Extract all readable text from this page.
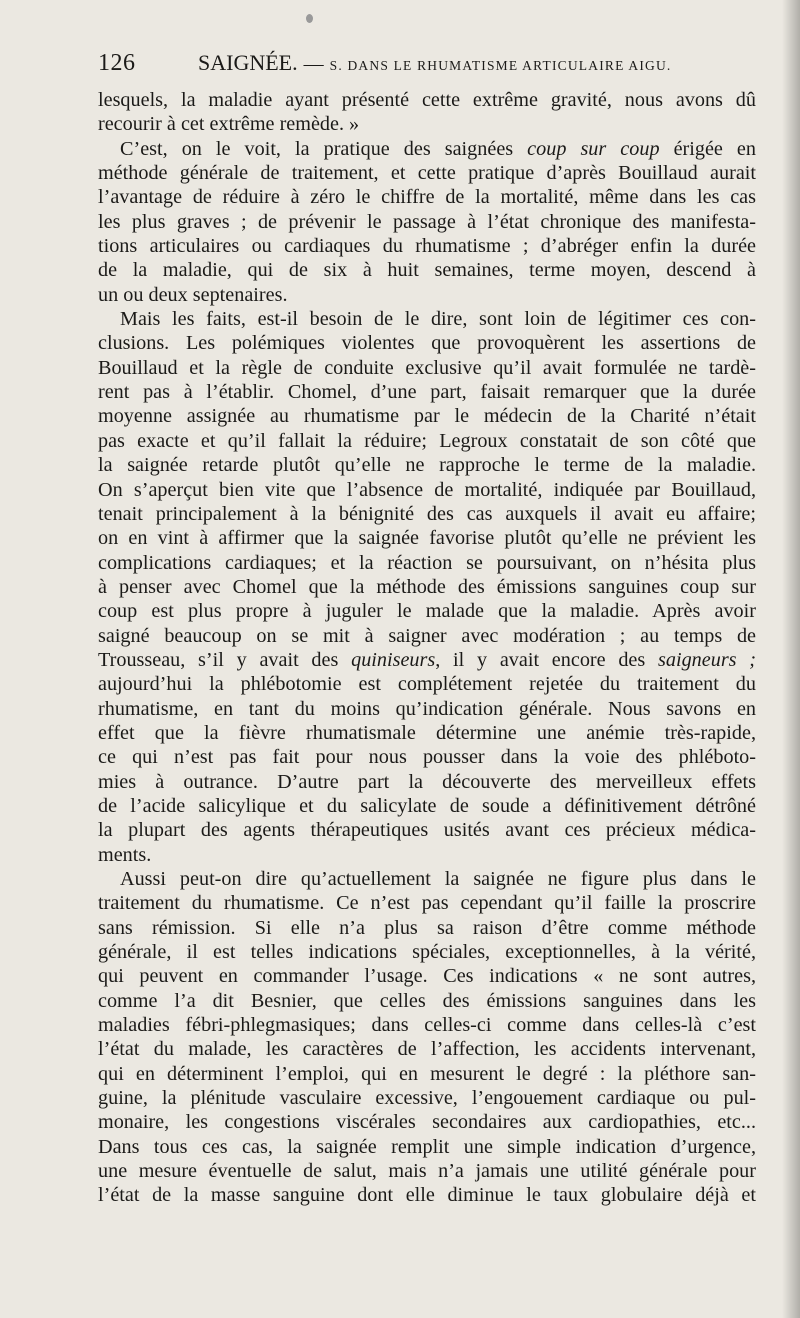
126	SAIGNÉE. — S. DANS LE RHUMATISME ARTICULAIRE AIGU.
lesquels, la maladie ayant présenté cette extrême gravité, nous avons dû
recourir à cet extrême remède. »
C’est, on le voit, la pratique des saignées coup sur coup érigée en
méthode générale de traitement, et cette pratique d’après Bouillaud aurait
l’avantage de réduire à zéro le chiffre de la mortalité, même dans les cas
les plus graves ; de prévenir le passage à l’état chronique des manifesta-
tions articulaires ou cardiaques du rhumatisme ; d’abréger enfin la durée
de la maladie, qui de six à huit semaines, terme moyen, descend à
un ou deux septenaires.
Mais les faits, est-il besoin de le dire, sont loin de légitimer ces con-
clusions. Les polémiques violentes que provoquèrent les assertions de
Bouillaud et la règle de conduite exclusive qu’il avait formulée ne tardè-
rent pas à l’établir. Chomel, d’une part, faisait remarquer que la durée
moyenne assignée au rhumatisme par le médecin de la Charité n’était
pas exacte et qu’il fallait la réduire; Legroux constatait de son côté que
la saignée retarde plutôt qu’elle ne rapproche le terme de la maladie.
On s’aperçut bien vite que l’absence de mortalité, indiquée par Bouillaud,
tenait principalement à la bénignité des cas auxquels il avait eu affaire;
on en vint à affirmer que la saignée favorise plutôt qu’elle ne prévient les
complications cardiaques; et la réaction se poursuivant, on n’hésita plus
à penser avec Chomel que la méthode des émissions sanguines coup sur
coup est plus propre à juguler le malade que la maladie. Après avoir
saigné beaucoup on se mit à saigner avec modération ; au temps de
Trousseau, s’il y avait des quiniseurs, il y avait encore des saigneurs ;
aujourd’hui la phlébotomie est complétement rejetée du traitement du
rhumatisme, en tant du moins qu’indication générale. Nous savons en
effet que la fièvre rhumatismale détermine une anémie très-rapide,
ce qui n’est pas fait pour nous pousser dans la voie des phlébotо-
mies à outrance. D’autre part la découverte des merveilleux effets
de l’acide salicylique et du salicylate de soude a définitivement détrôné
la plupart des agents thérapeutiques usités avant ces précieux médica-
ments.
Aussi peut-on dire qu’actuellement la saignée ne figure plus dans le
traitement du rhumatisme. Ce n’est pas cependant qu’il faille la proscrire
sans rémission. Si elle n’a plus sa raison d’être comme méthode
générale, il est telles indications spéciales, exceptionnelles, à la vérité,
qui peuvent en commander l’usage. Ces indications « ne sont autres,
comme l’a dit Besnier, que celles des émissions sanguines dans les
maladies fébri-phlegmasiques; dans celles-ci comme dans celles-là c’est
l’état du malade, les caractères de l’affection, les accidents intervenant,
qui en déterminent l’emploi, qui en mesurent le degré : la pléthore san-
guine, la plénitude vasculaire excessive, l’engouement cardiaque ou pul-
monaire, les congestions viscérales secondaires aux cardiopathies, etc...
Dans tous ces cas, la saignée remplit une simple indication d’urgence,
une mesure éventuelle de salut, mais n’a jamais une utilité générale pour
l’état de la masse sanguine dont elle diminue le taux globulaire déjà et
